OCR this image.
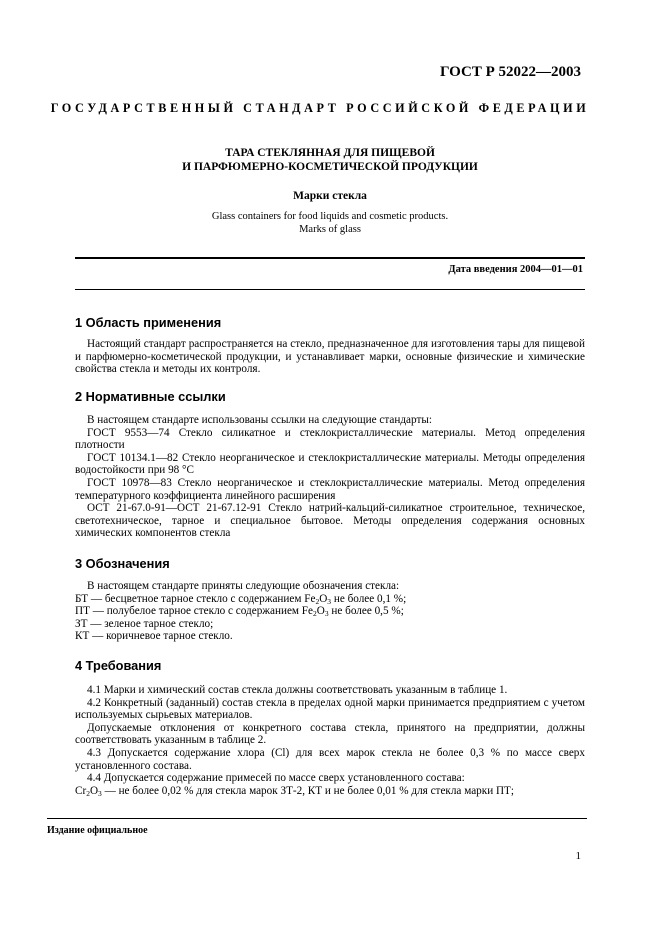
ГОСТ Р 52022—2003
ГОСУДАРСТВЕННЫЙ СТАНДАРТ РОССИЙСКОЙ ФЕДЕРАЦИИ
ТАРА СТЕКЛЯННАЯ ДЛЯ ПИЩЕВОЙ
И ПАРФЮМЕРНО-КОСМЕТИЧЕСКОЙ ПРОДУКЦИИ
Марки стекла
Glass containers for food liquids and cosmetic products.
Marks of glass
Дата введения 2004—01—01
1 Область применения

Настоящий стандарт распространяется на стекло, предназначенное для изготовления тары для пищевой и парфюмерно-косметической продукции, и устанавливает марки, основные физические и химические свойства стекла и методы их контроля.

2 Нормативные ссылки

В настоящем стандарте использованы ссылки на следующие стандарты:

ГОСТ 9553—74 Стекло силикатное и стеклокристаллические материалы. Метод определения плотности

ГОСТ 10134.1—82 Стекло неорганическое и стеклокристаллические материалы. Методы определения водостойкости при 98 °С

ГОСТ 10978—83 Стекло неорганическое и стеклокристаллические материалы. Метод определения температурного коэффициента линейного расширения

ОСТ 21-67.0-91—ОСТ 21-67.12-91 Стекло натрий-кальций-силикатное строительное, техническое, светотехническое, тарное и специальное бытовое. Методы определения содержания основных химических компонентов стекла

3 Обозначения

В настоящем стандарте приняты следующие обозначения стекла:

БТ — бесцветное тарное стекло с содержанием $Fe_2O_3$ не более 0,1 %;

ПТ — полубелое тарное стекло с содержанием $Fe_2O_3$ не более 0,5 %;

ЗТ — зеленое тарное стекло;

КТ — коричневое тарное стекло.

4 Требования

4.1 Марки и химический состав стекла должны соответствовать указанным в таблице 1.

4.2 Конкретный (заданный) состав стекла в пределах одной марки принимается предприятием с учетом используемых сырьевых материалов.

Допускаемые отклонения от конкретного состава стекла, принятого на предприятии, должны соответствовать указанным в таблице 2.

4.3 Допускается содержание хлора (Cl) для всех марок стекла не более 0,3 % по массе сверх установленного состава.

4.4 Допускается содержание примесей по массе сверх установленного состава:

$Cr_2O_3$ — не более 0,02 % для стекла марок ЗТ-2, КТ и не более 0,01 % для стекла марки ПТ;

Издание официальное
1
